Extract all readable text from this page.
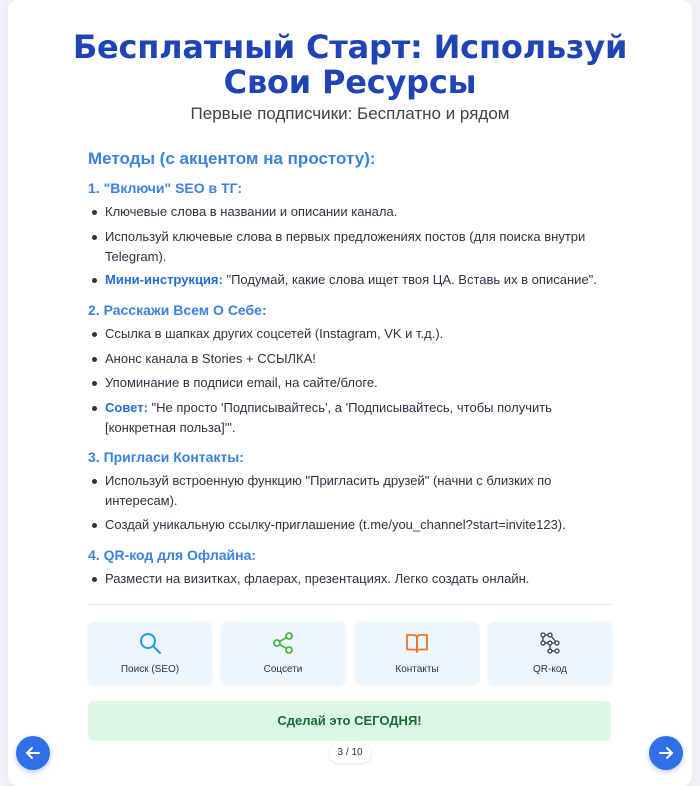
Бесплатный Старт: Используй
Свои Ресурсы
Первые подписчики: Бесплатно и рядом
Методы (с акцентом на простоту):
1. "Включи" SEO в ТГ:
Ключевые слова в названии и описании канала.
Используй ключевые слова в первых предложениях постов (для поиска внутри Telegram).
Мини-инструкция: "Подумай, какие слова ищет твоя ЦА. Вставь их в описание".
2. Расскажи Всем О Себе:
Ссылка в шапках других соцсетей (Instagram, VK и т.д.).
Анонс канала в Stories + ССЫЛКА!
Упоминание в подписи email, на сайте/блоге.
Совет: "Не просто 'Подписывайтесь', а 'Подписывайтесь, чтобы получить [конкретная польза]'".
3. Пригласи Контакты:
Используй встроенную функцию "Пригласить друзей" (начни с близких по интересам).
Создай уникальную ссылку-приглашение (t.me/you_channel?start=invite123).
4. QR-код для Офлайна:
Размести на визитках, флаерах, презентациях. Легко создать онлайн.
Поиск (SEO)	Соцсети	Контакты	QR-код
Сделай это СЕГОДНЯ!
3 / 10
